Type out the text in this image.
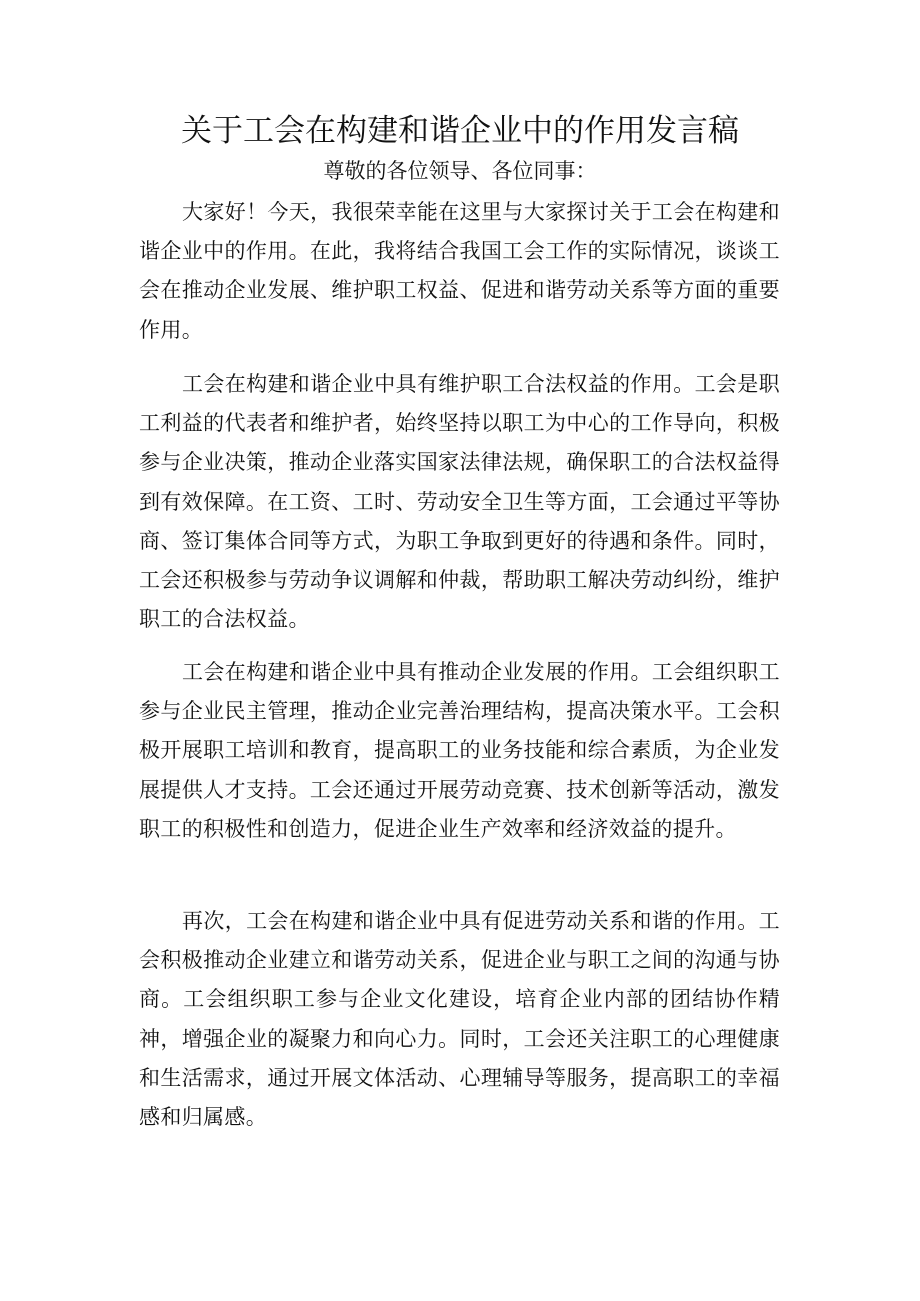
关于工会在构建和谐企业中的作用发言稿

尊敬的各位领导、各位同事：

大家好！今天，我很荣幸能在这里与大家探讨关于工会在构建和谐企业中的作用。在此，我将结合我国工会工作的实际情况，谈谈工会在推动企业发展、维护职工权益、促进和谐劳动关系等方面的重要作用。

工会在构建和谐企业中具有维护职工合法权益的作用。工会是职工利益的代表者和维护者，始终坚持以职工为中心的工作导向，积极参与企业决策，推动企业落实国家法律法规，确保职工的合法权益得到有效保障。在工资、工时、劳动安全卫生等方面，工会通过平等协商、签订集体合同等方式，为职工争取到更好的待遇和条件。同时，工会还积极参与劳动争议调解和仲裁，帮助职工解决劳动纠纷，维护职工的合法权益。

工会在构建和谐企业中具有推动企业发展的作用。工会组织职工参与企业民主管理，推动企业完善治理结构，提高决策水平。工会积极开展职工培训和教育，提高职工的业务技能和综合素质，为企业发展提供人才支持。工会还通过开展劳动竞赛、技术创新等活动，激发职工的积极性和创造力，促进企业生产效率和经济效益的提升。

再次，工会在构建和谐企业中具有促进劳动关系和谐的作用。工会积极推动企业建立和谐劳动关系，促进企业与职工之间的沟通与协商。工会组织职工参与企业文化建设，培育企业内部的团结协作精神，增强企业的凝聚力和向心力。同时，工会还关注职工的心理健康和生活需求，通过开展文体活动、心理辅导等服务，提高职工的幸福感和归属感。
